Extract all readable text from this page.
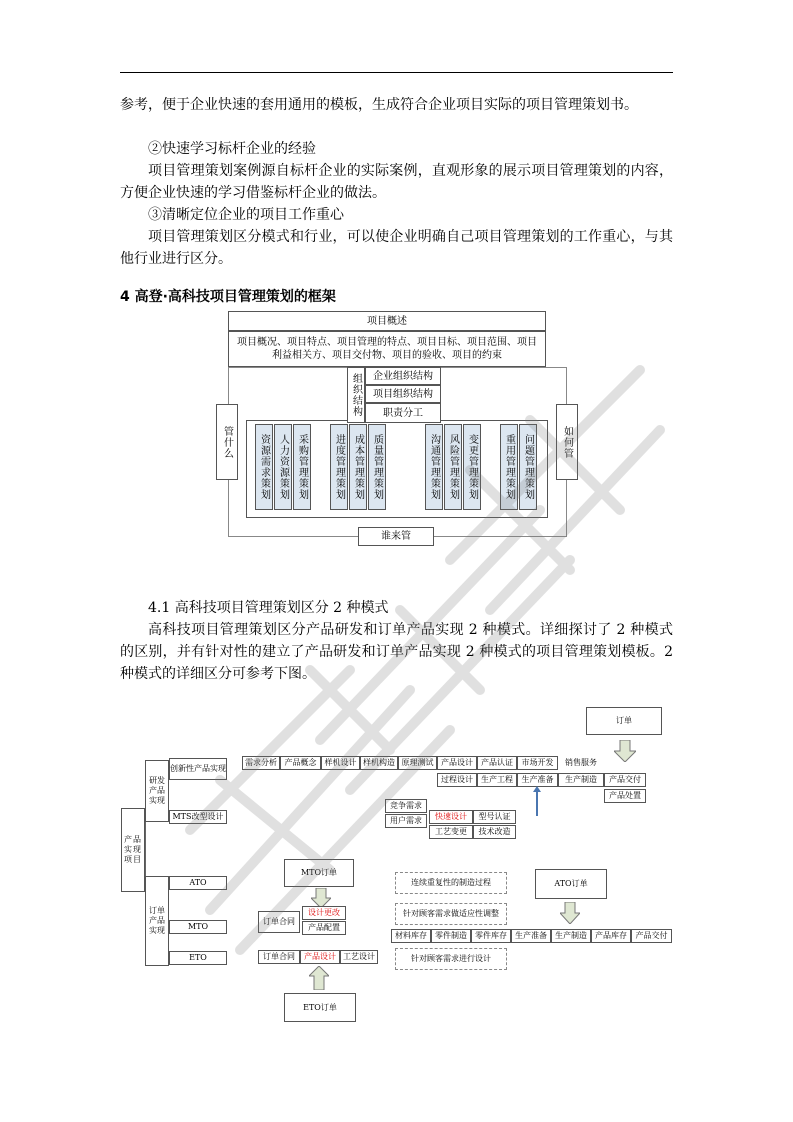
参考，便于企业快速的套用通用的模板，生成符合企业项目实际的项目管理策划书。

②快速学习标杆企业的经验

项目管理策划案例源自标杆企业的实际案例，直观形象的展示项目管理策划的内容，方便企业快速的学习借鉴标杆企业的做法。

③清晰定位企业的项目工作重心

项目管理策划区分模式和行业，可以使企业明确自己项目管理策划的工作重心，与其他行业进行区分。

4 高登·高科技项目管理策划的框架
项目概述
项目概况、项目特点、项目管理的特点、项目目标、项目范围、项目利益相关方、项目交付物、项目的验收、项目的约束
组织结构	企业组织结构
项目组织结构
职责分工
管什么	如何管
谁来管
资源需求策划 人力资源策划 采购管理策划	进度管理策划 成本管理策划 质量管理策划	沟通管理策划 风险管理策划 变更管理策划	重用管理策划 问题管理策划

4.1 高科技项目管理策划区分 2 种模式

高科技项目管理策划区分产品研发和订单产品实现 2 种模式。详细探讨了 2 种模式的区别，并有针对性的建立了产品研发和订单产品实现 2 种模式的项目管理策划模板。2 种模式的详细区分可参考下图。

产品实现项目
研发产品实现
订单产品实现
创新性产品实现
MTS改型设计
ATO
MTO
ETO
订单
需求分析 产品概念	样机设计 样机构造 原理测试 产品设计	产品认证	市场开发	销售服务
过程设计	生产工程	生产准备	生产制造	产品交付
产品处置
竞争需求
用户需求	快速设计	型号认证
工艺变更	技术改造
MTO订单
订单合同
设计更改
产品配置
订单合同	产品设计 工艺设计
ETO订单
连续重复性的制造过程
针对顾客需求做适应性调整
针对顾客需求进行设计
ATO订单
材料库存	零件制造	零件库存	生产准备	生产制造	产品库存	产品交付
